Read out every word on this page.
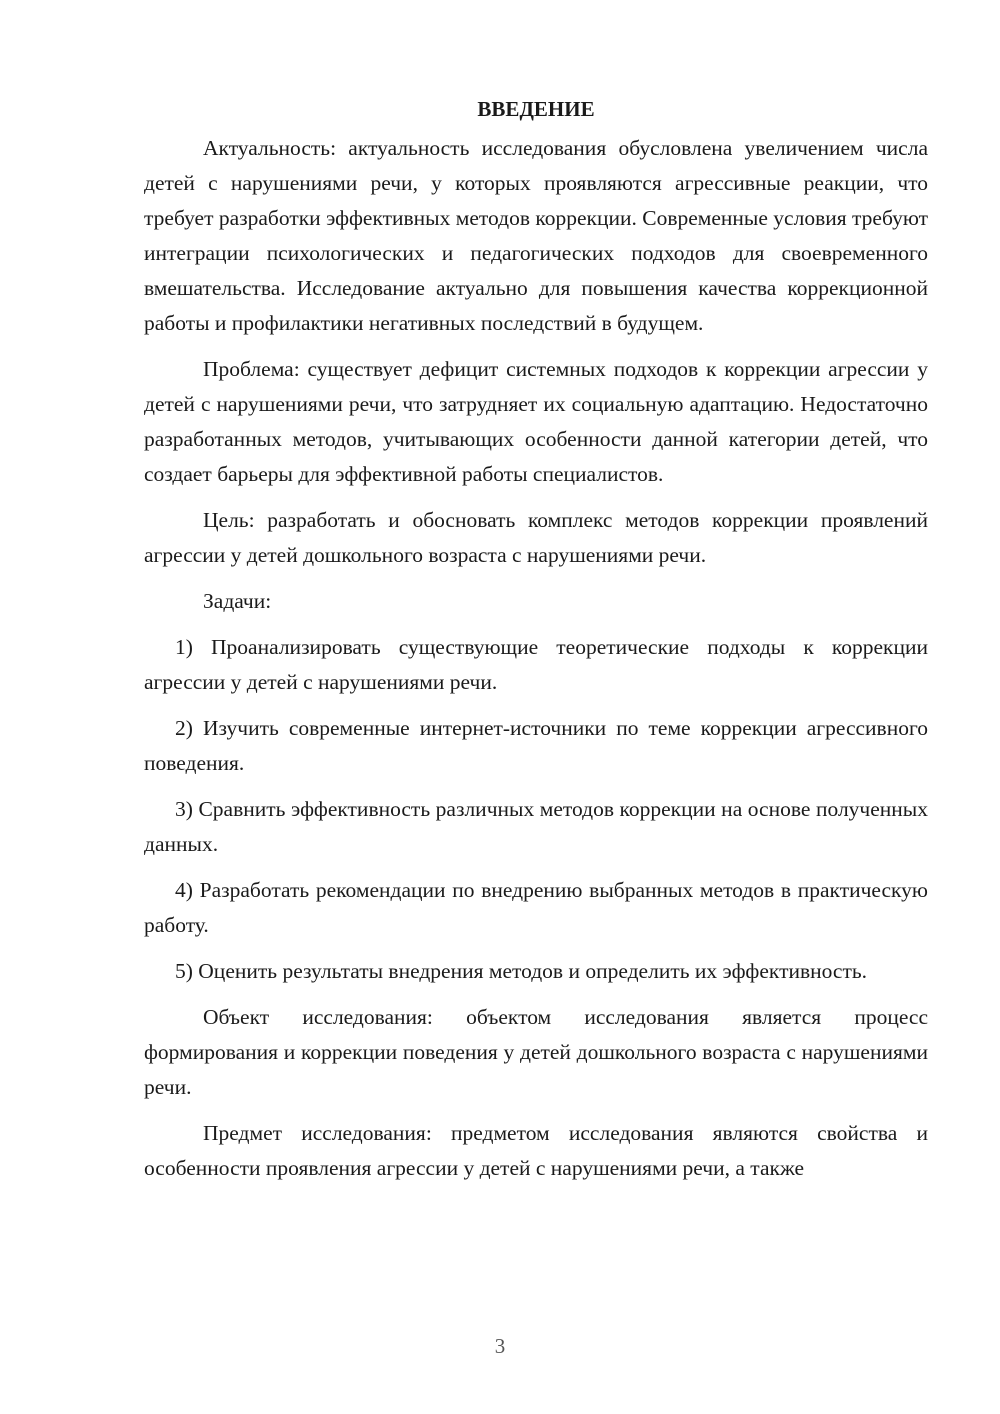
ВВЕДЕНИЕ

Актуальность: актуальность исследования обусловлена увеличением числа детей с нарушениями речи, у которых проявляются агрессивные реакции, что требует разработки эффективных методов коррекции. Современные условия требуют интеграции психологических и педагогических подходов для своевременного вмешательства. Исследование актуально для повышения качества коррекционной работы и профилактики негативных последствий в будущем.

Проблема: существует дефицит системных подходов к коррекции агрессии у детей с нарушениями речи, что затрудняет их социальную адаптацию. Недостаточно разработанных методов, учитывающих особенности данной категории детей, что создает барьеры для эффективной работы специалистов.

Цель: разработать и обосновать комплекс методов коррекции проявлений агрессии у детей дошкольного возраста с нарушениями речи.

Задачи:

1) Проанализировать существующие теоретические подходы к коррекции агрессии у детей с нарушениями речи.

2) Изучить современные интернет-источники по теме коррекции агрессивного поведения.

3) Сравнить эффективность различных методов коррекции на основе полученных данных.

4) Разработать рекомендации по внедрению выбранных методов в практическую работу.

5) Оценить результаты внедрения методов и определить их эффективность.

Объект исследования: объектом исследования является процесс формирования и коррекции поведения у детей дошкольного возраста с нарушениями речи.

Предмет исследования: предметом исследования являются свойства и особенности проявления агрессии у детей с нарушениями речи, а также

3
